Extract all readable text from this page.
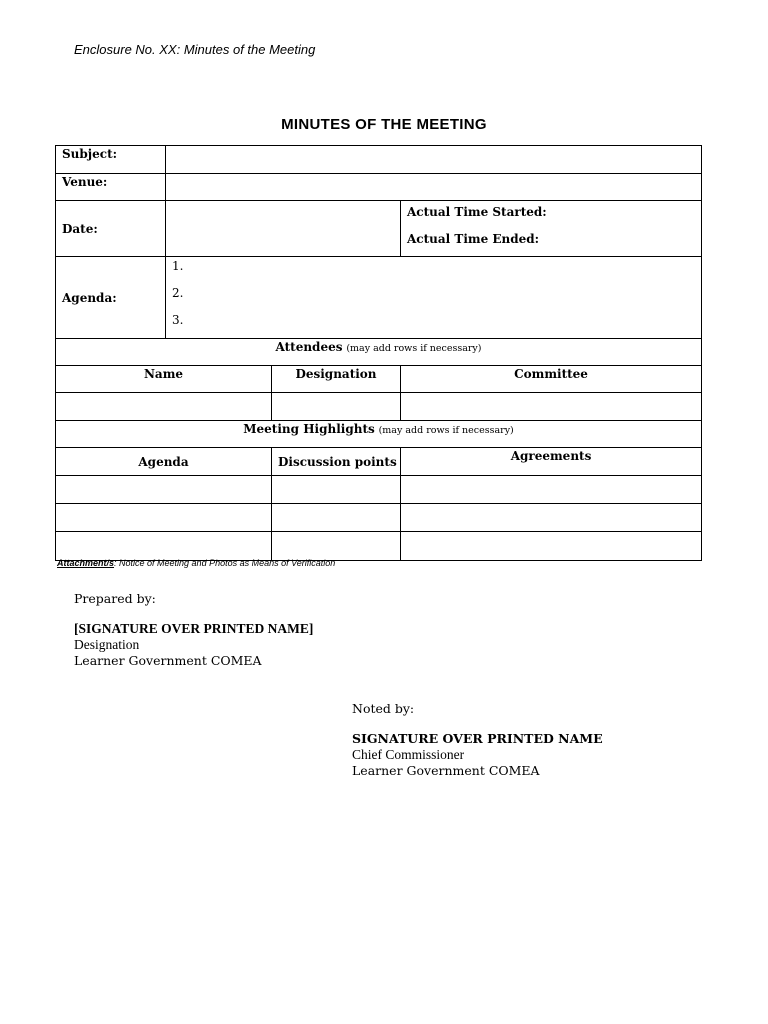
Enclosure No. XX: Minutes of the Meeting
MINUTES OF THE MEETING
Subject:			
Venue:			
Date:			Actual Time Started:
Actual Time Ended:

Agenda:	1.
2.
3.		

Attendees (may add rows if necessary)			
Name		Designation	Committee

Meeting Highlights (may add rows if necessary)			
Agenda		Discussion points	Agreements

Attachment/s: Notice of Meeting and Photos as Means of Verification
Prepared by:
[SIGNATURE OVER PRINTED NAME]
Designation
Learner Government COMEA
Noted by:
SIGNATURE OVER PRINTED NAME
Chief Commissioner
Learner Government COMEA
